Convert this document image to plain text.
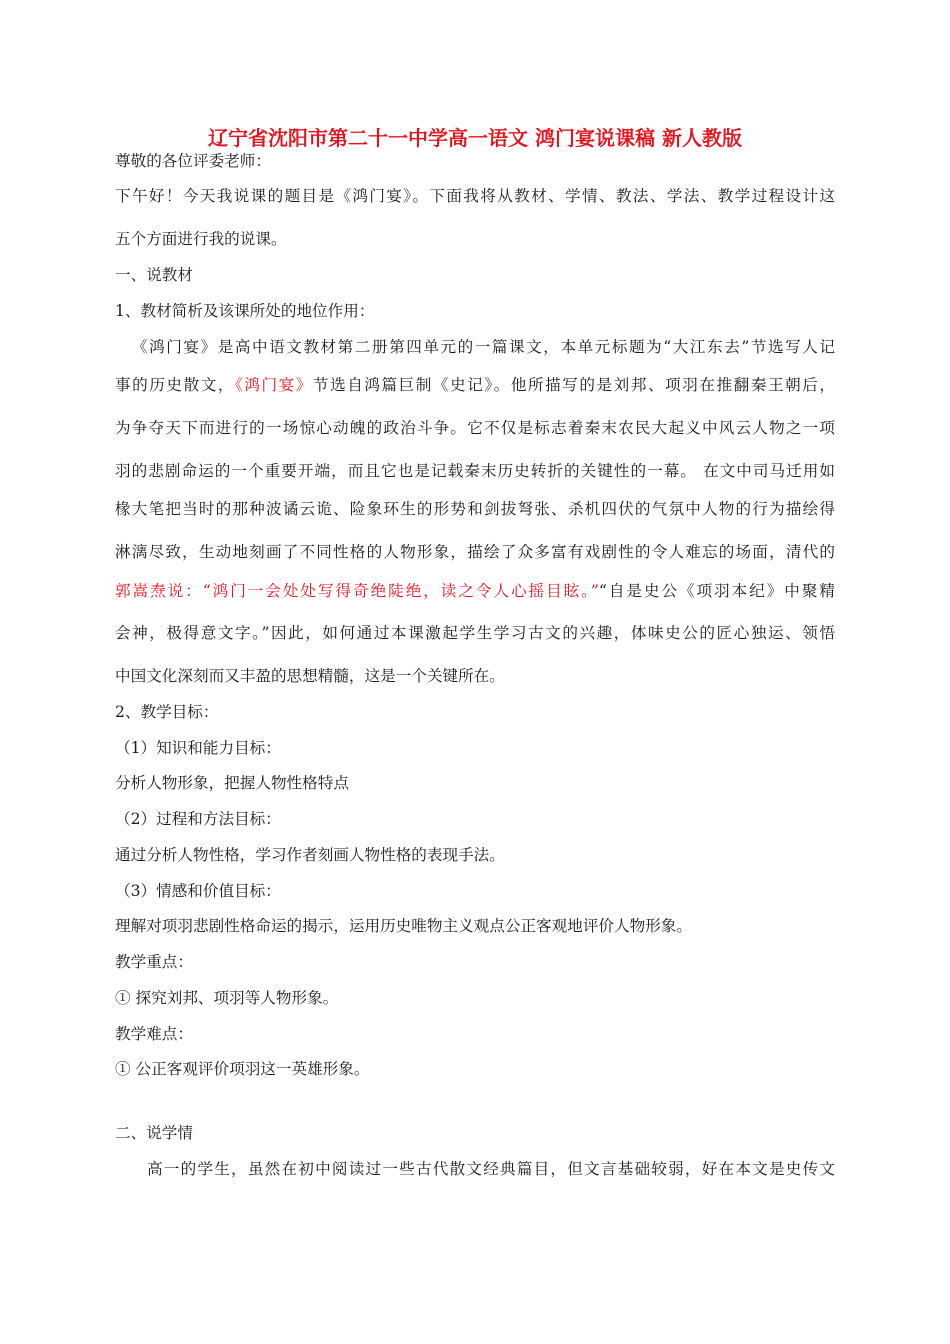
辽宁省沈阳市第二十一中学高一语文 鸿门宴说课稿 新人教版
尊敬的各位评委老师：
下午好！今天我说课的题目是《鸿门宴》。下面我将从教材、学情、教法、学法、教学过程设计这
五个方面进行我的说课。
一、说教材
1、教材简析及该课所处的地位作用：
《鸿门宴》是高中语文教材第二册第四单元的一篇课文，本单元标题为“大江东去”节选写人记
事的历史散文，《鸿门宴》节选自鸿篇巨制《史记》。他所描写的是刘邦、项羽在推翻秦王朝后，
为争夺天下而进行的一场惊心动魄的政治斗争。它不仅是标志着秦末农民大起义中风云人物之一项
羽的悲剧命运的一个重要开端，而且它也是记载秦末历史转折的关键性的一幕。 在文中司马迁用如
椽大笔把当时的那种波谲云诡、险象环生的形势和剑拔弩张、杀机四伏的气氛中人物的行为描绘得
淋漓尽致，生动地刻画了不同性格的人物形象，描绘了众多富有戏剧性的令人难忘的场面，清代的
郭嵩焘说：“鸿门一会处处写得奇绝陡绝，读之令人心摇目眩。”“自是史公《项羽本纪》中聚精
会神，极得意文字。”因此，如何通过本课激起学生学习古文的兴趣，体味史公的匠心独运、领悟
中国文化深刻而又丰盈的思想精髓，这是一个关键所在。
2、教学目标：
（1）知识和能力目标：
分析人物形象，把握人物性格特点
（2）过程和方法目标：
通过分析人物性格，学习作者刻画人物性格的表现手法。
（3）情感和价值目标：
理解对项羽悲剧性格命运的揭示，运用历史唯物主义观点公正客观地评价人物形象。
教学重点：
① 探究刘邦、项羽等人物形象。
教学难点：
① 公正客观评价项羽这一英雄形象。
二、说学情
高一的学生，虽然在初中阅读过一些古代散文经典篇目，但文言基础较弱，好在本文是史传文
